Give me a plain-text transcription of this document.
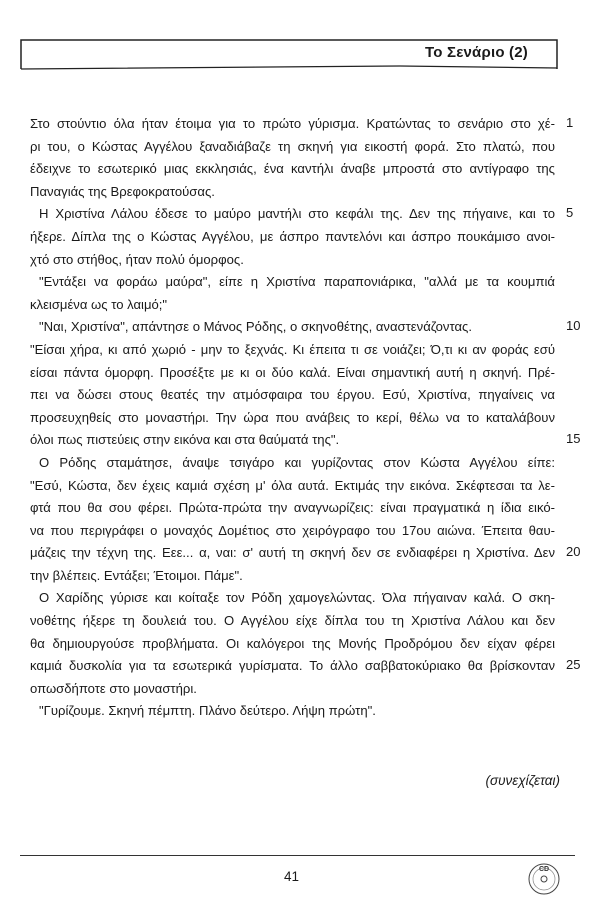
Το Σενάριο (2)
Στο στούντιο όλα ήταν έτοιμα για το πρώτο γύρισμα. Κρατώντας το σενάριο στο χέ-
ρι του, ο Κώστας Αγγέλου ξαναδιάβαζε τη σκηνή για εικοστή φορά. Στο πλατώ, που
έδειχνε το εσωτερικό μιας εκκλησιάς, ένα καντήλι άναβε μπροστά στο αντίγραφο της
Παναγιάς της Βρεφοκρατούσας.
Η Χριστίνα Λάλου έδεσε το μαύρο μαντήλι στο κεφάλι της. Δεν της πήγαινε, και το
ήξερε. Δίπλα της ο Κώστας Αγγέλου, με άσπρο παντελόνι και άσπρο πουκάμισο ανοι-
χτό στο στήθος, ήταν πολύ όμορφος.
"Εντάξει να φοράω μαύρα", είπε η Χριστίνα παραπονιάρικα, "αλλά με τα κουμπιά
κλεισμένα ως το λαιμό;"
"Ναι, Χριστίνα", απάντησε ο Μάνος Ρόδης, ο σκηνοθέτης, αναστενάζοντας.
"Είσαι χήρα, κι από χωριό - μην το ξεχνάς. Κι έπειτα τι σε νοιάζει; Ό,τι κι αν φοράς εσύ
είσαι πάντα όμορφη. Προσέξτε με κι οι δύο καλά. Είναι σημαντική αυτή η σκηνή. Πρέ-
πει να δώσει στους θεατές την ατμόσφαιρα του έργου. Εσύ, Χριστίνα, πηγαίνεις να
προσευχηθείς στο μοναστήρι. Την ώρα που ανάβεις το κερί, θέλω να το καταλάβουν
όλοι πως πιστεύεις στην εικόνα και στα θαύματά της".
Ο Ρόδης σταμάτησε, άναψε τσιγάρο και γυρίζοντας στον Κώστα Αγγέλου είπε:
"Εσύ, Κώστα, δεν έχεις καμιά σχέση μ' όλα αυτά. Εκτιμάς την εικόνα. Σκέφτεσαι τα λε-
φτά που θα σου φέρει. Πρώτα-πρώτα την αναγνωρίζεις: είναι πραγματικά η ίδια εικό-
να που περιγράφει ο μοναχός Δομέτιος στο χειρόγραφο του 17ου αιώνα. Έπειτα θαυ-
μάζεις την τέχνη της. Εεε... α, ναι: σ' αυτή τη σκηνή δεν σε ενδιαφέρει η Χριστίνα. Δεν
την βλέπεις. Εντάξει; Έτοιμοι. Πάμε".
Ο Χαρίδης γύρισε και κοίταξε τον Ρόδη χαμογελώντας. Όλα πήγαιναν καλά. Ο σκη-
νοθέτης ήξερε τη δουλειά του. Ο Αγγέλου είχε δίπλα του τη Χριστίνα Λάλου και δεν
θα δημιουργούσε προβλήματα. Οι καλόγεροι της Μονής Προδρόμου δεν είχαν φέρει
καμιά δυσκολία για τα εσωτερικά γυρίσματα. Το άλλο σαββατοκύριακο θα βρίσκονταν
οπωσδήποτε στο μοναστήρι.
"Γυρίζουμε. Σκηνή πέμπτη. Πλάνο δεύτερο. Λήψη πρώτη".
1
5
10
15
20
25
(συνεχίζεται)
41	CD
